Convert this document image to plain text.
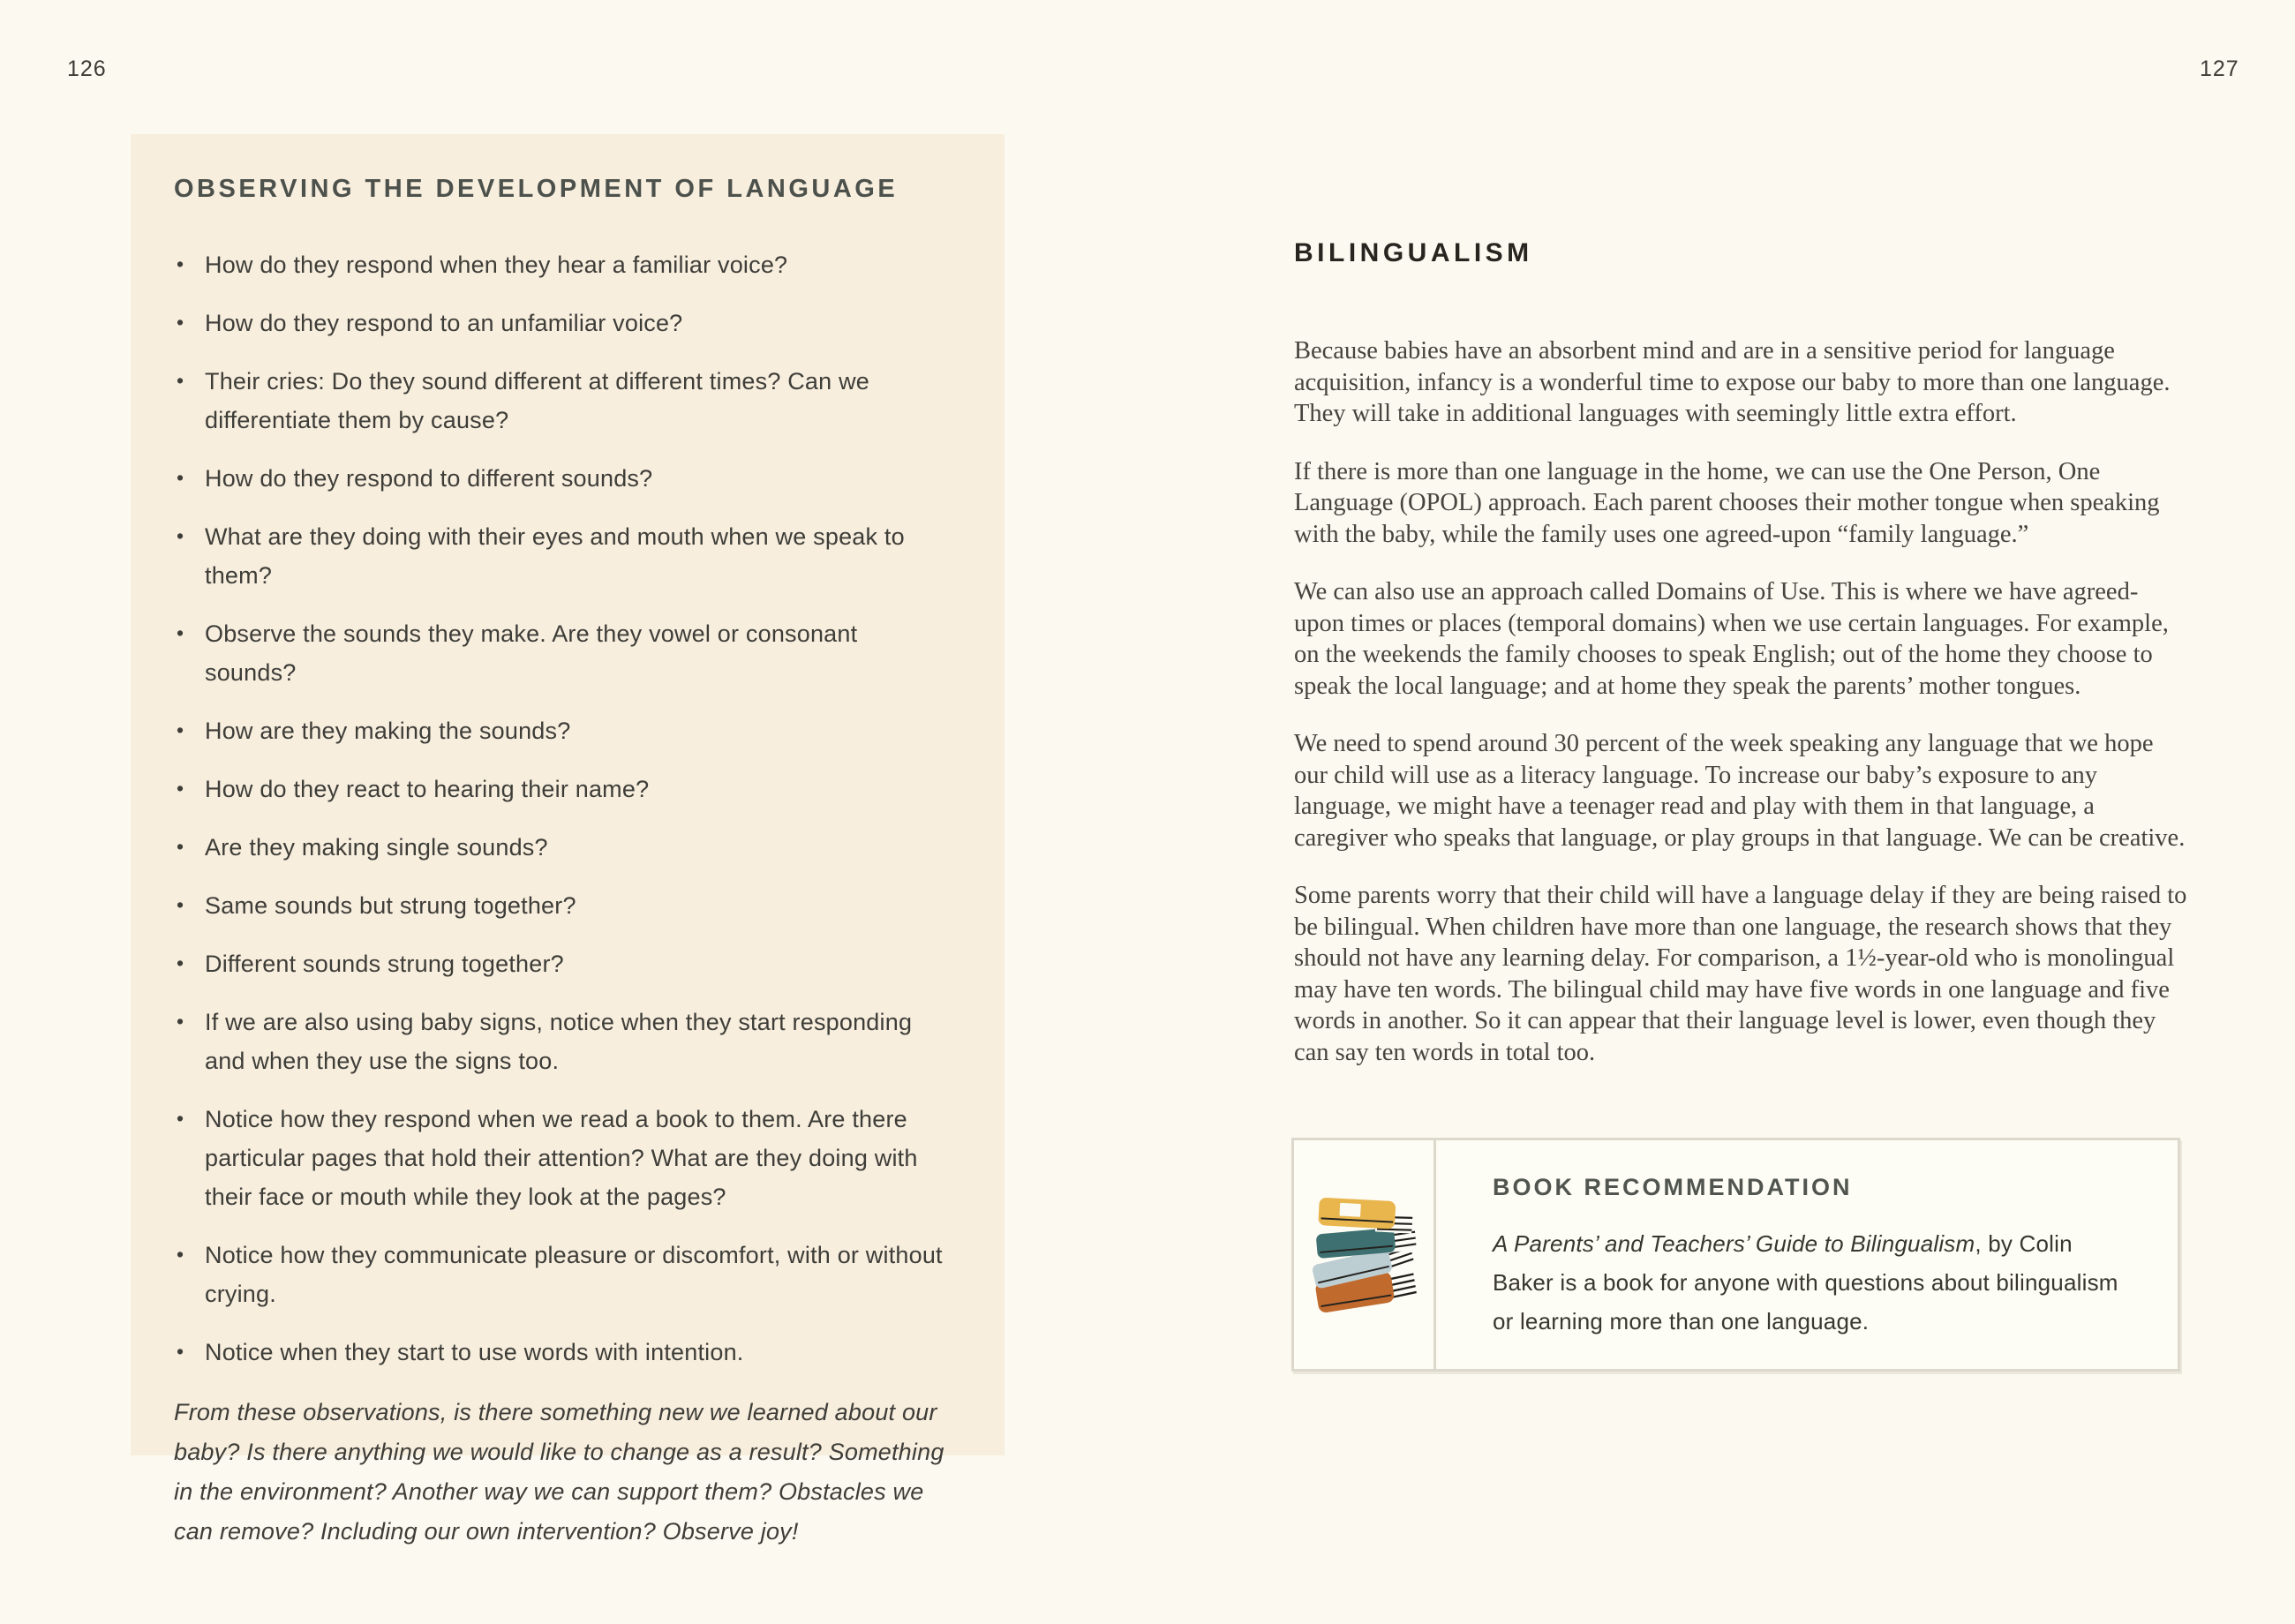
126	127
OBSERVING THE DEVELOPMENT OF LANGUAGE
• How do they respond when they hear a familiar voice?
• How do they respond to an unfamiliar voice?
• Their cries: Do they sound different at different times? Can we differentiate them by cause?
• How do they respond to different sounds?
• What are they doing with their eyes and mouth when we speak to them?
• Observe the sounds they make. Are they vowel or consonant sounds?
• How are they making the sounds?
• How do they react to hearing their name?
• Are they making single sounds?
• Same sounds but strung together?
• Different sounds strung together?
• If we are also using baby signs, notice when they start responding and when they use the signs too.
• Notice how they respond when we read a book to them. Are there particular pages that hold their attention? What are they doing with their face or mouth while they look at the pages?
• Notice how they communicate pleasure or discomfort, with or without crying.
• Notice when they start to use words with intention.

From these observations, is there something new we learned about our baby? Is there anything we would like to change as a result? Something in the environment? Another way we can support them? Obstacles we can remove? Including our own intervention? Observe joy!

BILINGUALISM

Because babies have an absorbent mind and are in a sensitive period for language acquisition, infancy is a wonderful time to expose our baby to more than one language. They will take in additional languages with seemingly little extra effort.

If there is more than one language in the home, we can use the One Person, One Language (OPOL) approach. Each parent chooses their mother tongue when speaking with the baby, while the family uses one agreed-upon “family language.”

We can also use an approach called Domains of Use. This is where we have agreed-upon times or places (temporal domains) when we use certain languages. For example, on the weekends the family chooses to speak English; out of the home they choose to speak the local language; and at home they speak the parents’ mother tongues.

We need to spend around 30 percent of the week speaking any language that we hope our child will use as a literacy language. To increase our baby’s exposure to any language, we might have a teenager read and play with them in that language, a caregiver who speaks that language, or play groups in that language. We can be creative.

Some parents worry that their child will have a language delay if they are being raised to be bilingual. When children have more than one language, the research shows that they should not have any learning delay. For comparison, a 1½-year-old who is monolingual may have ten words. The bilingual child may have five words in one language and five words in another. So it can appear that their language level is lower, even though they can say ten words in total too.

BOOK RECOMMENDATION

A Parents’ and Teachers’ Guide to Bilingualism, by Colin Baker is a book for anyone with questions about bilingualism or learning more than one language.
